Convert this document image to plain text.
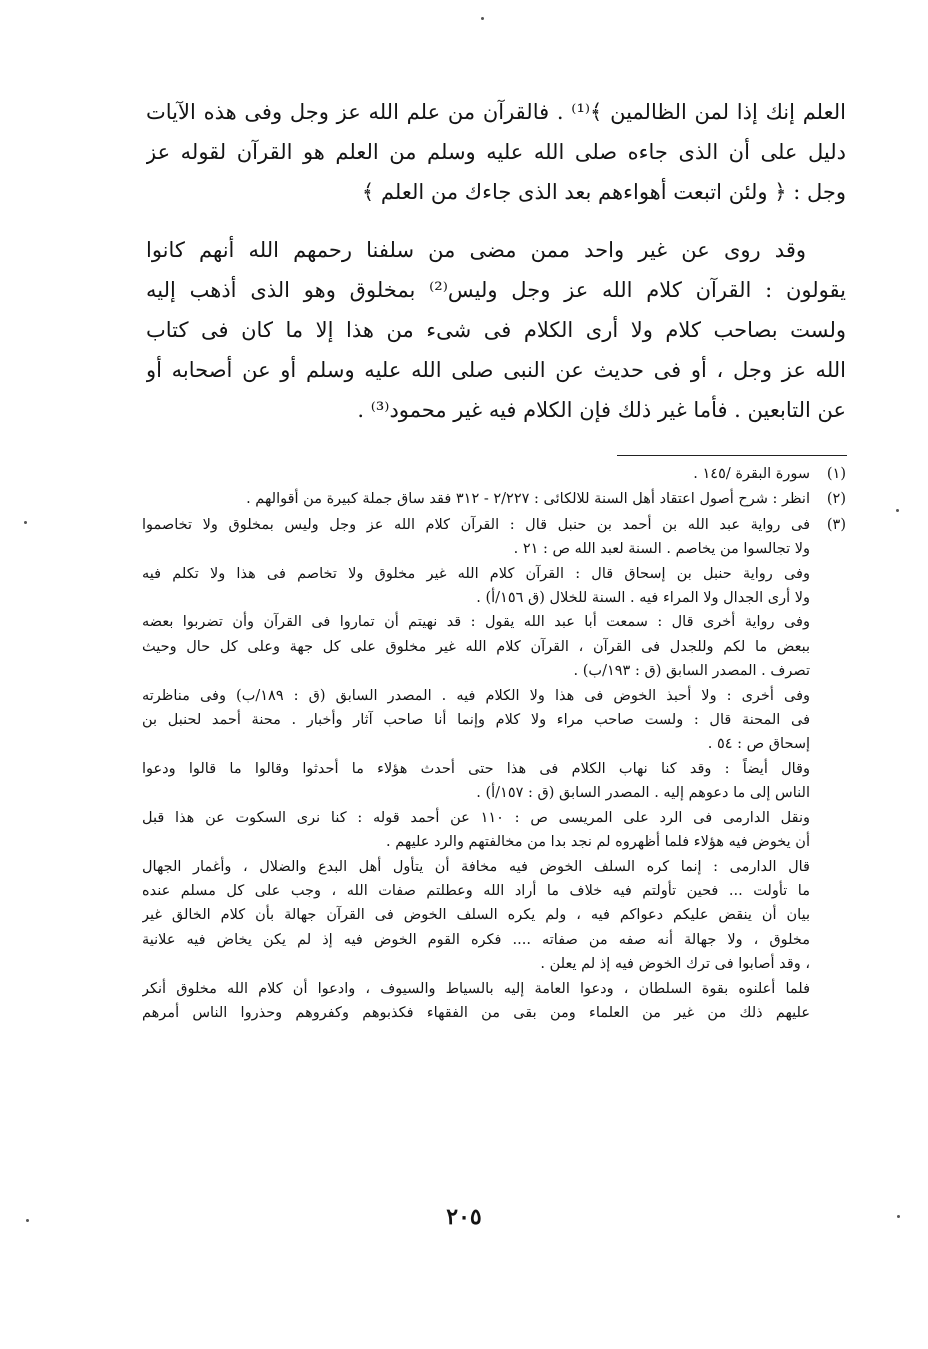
العلم إنك إذا لمن الظالمين ﴾⁽¹⁾ . فالقرآن من علم الله عز وجل وفى هذه الآيات
دليل على أن الذى جاءه صلى الله عليه وسلم من العلم هو القرآن لقوله عز
وجل : ﴿ ولئن اتبعت أهواءهم بعد الذى جاءك من العلم ﴾
وقد روى عن غير واحد ممن مضى من سلفنا رحمهم الله أنهم كانوا
يقولون : القرآن كلام الله عز وجل وليس⁽²⁾ بمخلوق وهو الذى أذهب إليه
ولست بصاحب كلام ولا أرى الكلام فى شىء من هذا إلا ما كان فى كتاب
الله عز وجل ، أو فى حديث عن النبى صلى الله عليه وسلم أو عن أصحابه أو
عن التابعين . فأما غير ذلك فإن الكلام فيه غير محمود⁽³⁾ .
(١)
سورة البقرة /١٤٥ .
(٢)
انظر : شرح أصول اعتقاد أهل السنة للالكائى : ٢/٢٢٧ - ٣١٢ فقد ساق جملة كبيرة من أقوالهم .
(٣)
فى رواية عبد الله بن أحمد بن حنبل قال : القرآن كلام الله عز وجل وليس بمخلوق ولا تخاصموا
ولا تجالسوا من يخاصم . السنة لعبد الله ص : ٢١ .
وفى رواية حنبل بن إسحاق قال : القرآن كلام الله غير مخلوق ولا تخاصم فى هذا ولا تكلم فيه
ولا أرى الجدال ولا المراء فيه . السنة للخلال (ق ١٥٦/أ) .
وفى رواية أخرى قال : سمعت أبا عبد الله يقول : قد نهيتم أن تماروا فى القرآن وأن تضربوا بعضه
ببعض ما لكم وللجدل فى القرآن ، القرآن كلام الله غير مخلوق على كل جهة وعلى كل حال وحيث
تصرف . المصدر السابق (ق : ١٩٣/ب) .
وفى أخرى : ولا أحبذ الخوض فى هذا ولا الكلام فيه . المصدر السابق (ق : ١٨٩/ب) وفى مناظرته
فى المحنة قال : ولست صاحب مراء ولا كلام وإنما أنا صاحب آثار وأخبار . محنة أحمد لحنبل بن
إسحاق ص : ٥٤ .
وقال أيضاً : وقد كنا نهاب الكلام فى هذا حتى أحدث هؤلاء ما أحدثوا وقالوا ما قالوا ودعوا
الناس إلى ما دعوهم إليه . المصدر السابق (ق : ١٥٧/أ) .
ونقل الدارمى فى الرد على المريسى ص : ١١٠ عن أحمد قوله : كنا نرى السكوت عن هذا قبل
أن يخوض فيه هؤلاء فلما أظهروه لم نجد بدا من مخالفتهم والرد عليهم .
قال الدارمى : إنما كره السلف الخوض فيه مخافة أن يتأول أهل البدع والضلال ، وأغمار الجهال
ما تأولت ... فحين تأولتم فيه خلاف ما أراد الله وعطلتم صفات الله ، وجب على كل مسلم عنده
بيان أن ينقض عليكم دعواكم فيه ، ولم يكره السلف الخوض فى القرآن جهالة بأن كلام الخالق غير
مخلوق ، ولا جهالة أنه صفه من صفاته .... فكره القوم الخوض فيه إذ لم يكن يخاض فيه علانية
، وقد أصابوا فى ترك الخوض فيه إذ لم يعلن .
فلما أعلنوه بقوة السلطان ، ودعوا العامة إليه بالسياط والسيوف ، وادعوا أن كلام الله مخلوق أنكر
عليهم ذلك من غير من العلماء ومن بقى من الفقهاء فكذبوهم وكفروهم وحذروا الناس أمرهم
٢٠٥
